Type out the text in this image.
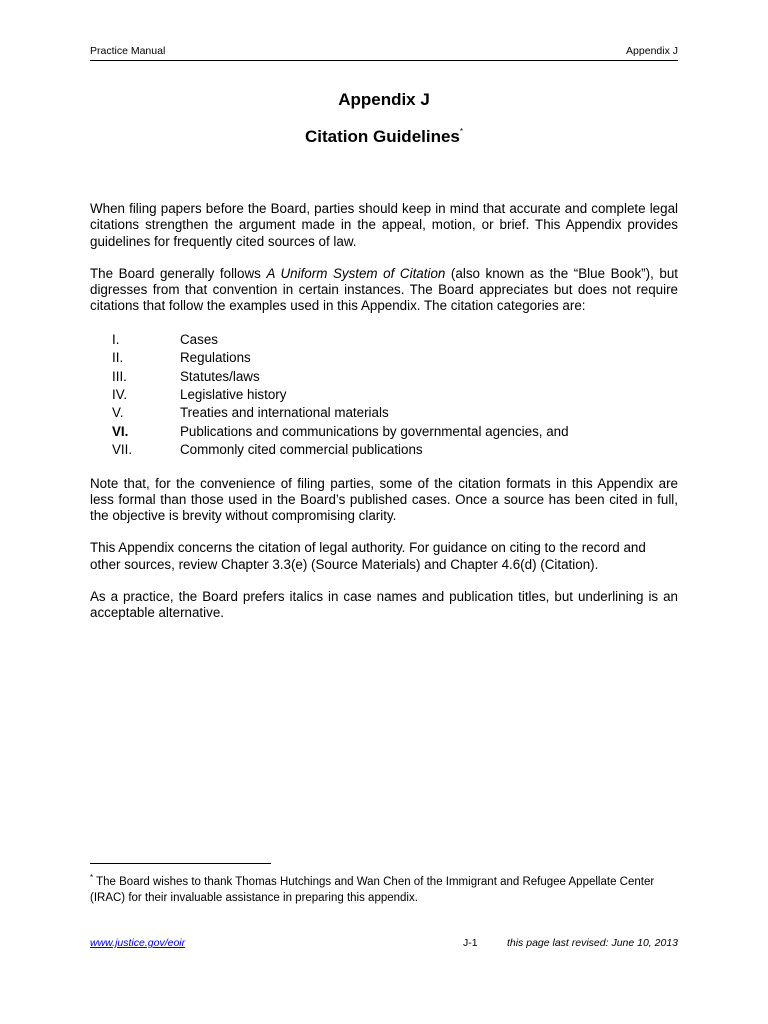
Practice Manual	Appendix J
Appendix J
Citation Guidelines*

When filing papers before the Board, parties should keep in mind that accurate and complete legal citations strengthen the argument made in the appeal, motion, or brief. This Appendix provides guidelines for frequently cited sources of law.

The Board generally follows A Uniform System of Citation (also known as the “Blue Book”), but digresses from that convention in certain instances. The Board appreciates but does not require citations that follow the examples used in this Appendix. The citation categories are:

I.	Cases
II.	Regulations
III.	Statutes/laws
IV.	Legislative history
V.	Treaties and international materials
VI.	Publications and communications by governmental agencies, and
VII.	Commonly cited commercial publications

Note that, for the convenience of filing parties, some of the citation formats in this Appendix are less formal than those used in the Board’s published cases. Once a source has been cited in full, the objective is brevity without compromising clarity.

This Appendix concerns the citation of legal authority. For guidance on citing to the record and other sources, review Chapter 3.3(e) (Source Materials) and Chapter 4.6(d) (Citation).

As a practice, the Board prefers italics in case names and publication titles, but underlining is an acceptable alternative.

* The Board wishes to thank Thomas Hutchings and Wan Chen of the Immigrant and Refugee Appellate Center (IRAC) for their invaluable assistance in preparing this appendix.
www.justice.gov/eoir	J-1	this page last revised: June 10, 2013
